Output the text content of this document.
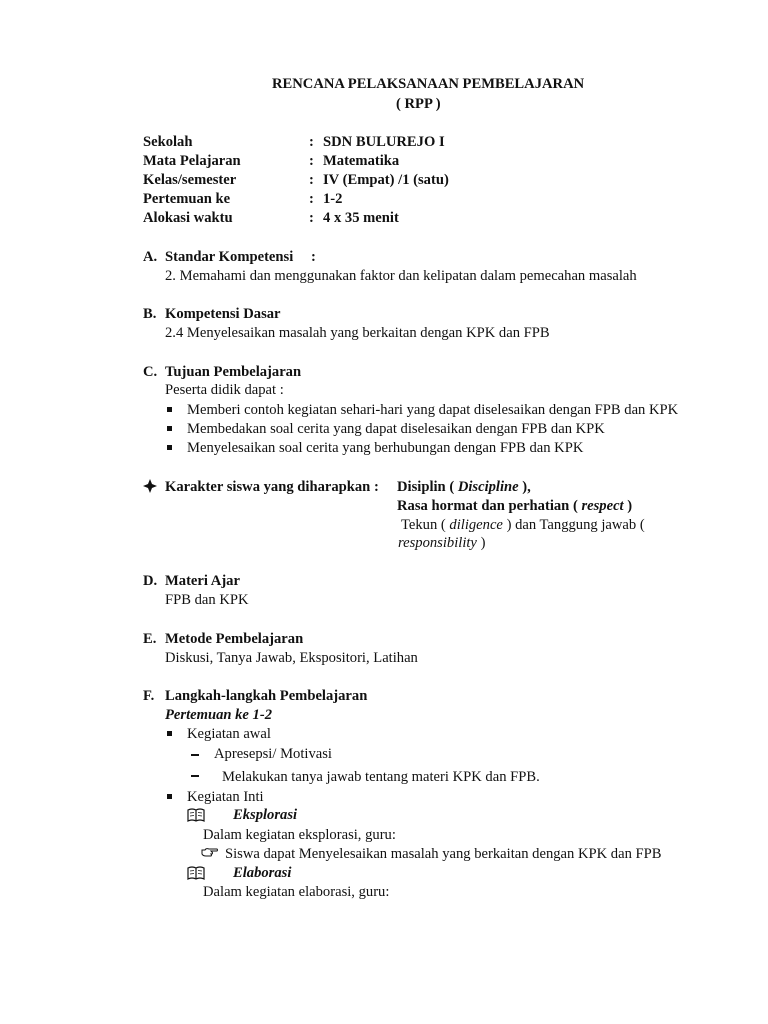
RENCANA PELAKSANAAN PEMBELAJARAN
( RPP )
Sekolah	: SDN BULUREJO I
Mata Pelajaran	: Matematika
Kelas/semester	: IV (Empat) /1 (satu)
Pertemuan ke	: 1-2
Alokasi waktu	: 4 x 35 menit
A. Standar Kompetensi :
2. Memahami dan menggunakan faktor dan kelipatan dalam pemecahan masalah
B. Kompetensi Dasar
2.4 Menyelesaikan masalah yang berkaitan dengan KPK dan FPB
C. Tujuan Pembelajaran
Peserta didik dapat :
Memberi contoh kegiatan sehari-hari yang dapat diselesaikan dengan FPB dan KPK
Membedakan soal cerita yang dapat diselesaikan dengan FPB dan KPK
Menyelesaikan soal cerita yang berhubungan dengan FPB dan KPK
Karakter siswa yang diharapkan : Disiplin ( Discipline ),
Rasa hormat dan perhatian ( respect )
Tekun ( diligence ) dan Tanggung jawab (
responsibility )
D. Materi Ajar
FPB dan KPK
E. Metode Pembelajaran
Diskusi, Tanya Jawab, Ekspositori, Latihan
F. Langkah-langkah Pembelajaran
Pertemuan ke 1-2
Kegiatan awal
Apresepsi/ Motivasi
Melakukan tanya jawab tentang materi KPK dan FPB.
Kegiatan Inti
Eksplorasi
Dalam kegiatan eksplorasi, guru:
Siswa dapat Menyelesaikan masalah yang berkaitan dengan KPK dan FPB
Elaborasi
Dalam kegiatan elaborasi, guru:
